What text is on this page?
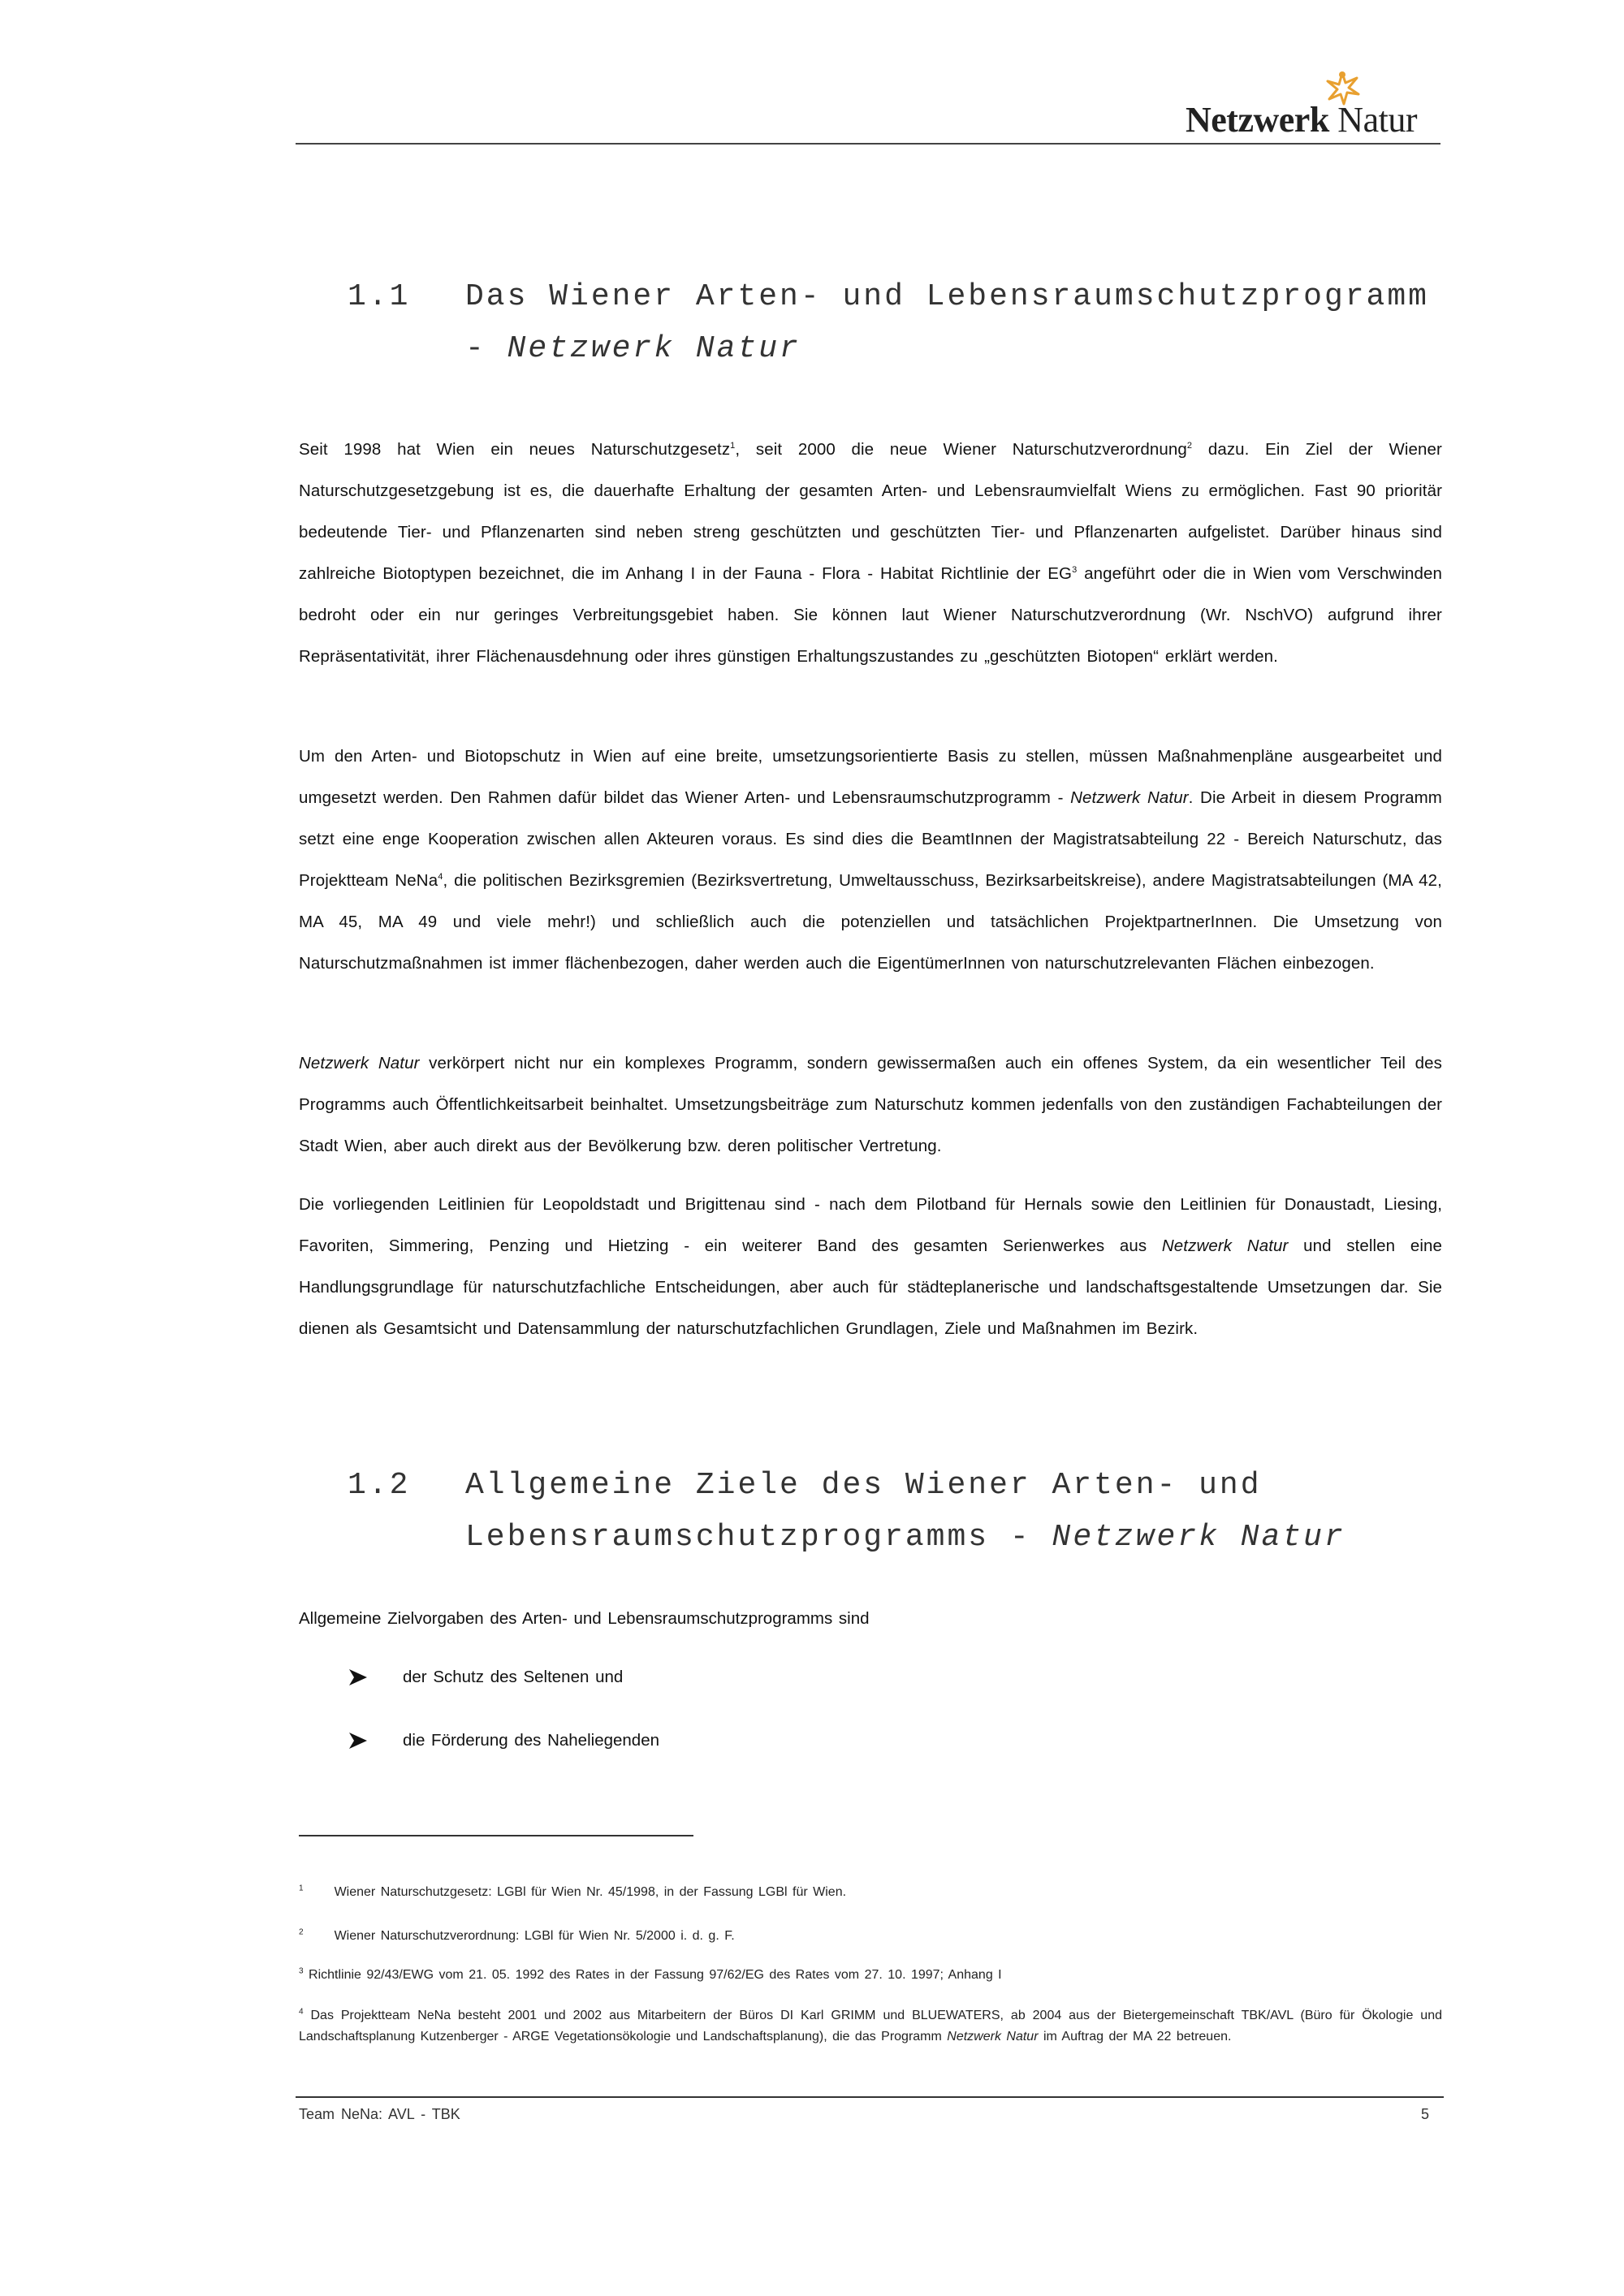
Netzwerk Natur
1.1 Das Wiener Arten- und Lebensraumschutzprogramm
- Netzwerk Natur

Seit 1998 hat Wien ein neues Naturschutzgesetz$^1$, seit 2000 die neue Wiener Naturschutzverordnung$^2$ dazu. Ein Ziel der Wiener Naturschutzgesetzgebung ist es, die dauerhafte Erhaltung der gesamten Arten- und Lebensraumvielfalt Wiens zu ermöglichen. Fast 90 prioritär bedeutende Tier- und Pflanzenarten sind neben streng geschützten und geschützten Tier- und Pflanzenarten aufgelistet. Darüber hinaus sind zahlreiche Biotoptypen bezeichnet, die im Anhang I in der Fauna - Flora - Habitat Richtlinie der $EG^3$ angeführt oder die in Wien vom Verschwinden bedroht oder ein nur geringes Verbreitungsgebiet haben. Sie können laut Wiener Naturschutzverordnung (Wr. NschVO) aufgrund ihrer Repräsentativität, ihrer Flächenausdehnung oder ihres günstigen Erhaltungszustandes zu „geschützten Biotopen“ erklärt werden.

Um den Arten- und Biotopschutz in Wien auf eine breite, umsetzungsorientierte Basis zu stellen, müssen Maßnahmenpläne ausgearbeitet und umgesetzt werden. Den Rahmen dafür bildet das Wiener Arten- und Lebensraumschutzprogramm - Netzwerk Natur. Die Arbeit in diesem Programm setzt eine enge Kooperation zwischen allen Akteuren voraus. Es sind dies die BeamtInnen der Magistratsabteilung 22 - Bereich Naturschutz, das Projektteam NeNa$^4$, die politischen Bezirksgremien (Bezirksvertretung, Umweltausschuss, Bezirksarbeitskreise), andere Magistratsabteilungen (MA 42, MA 45, MA 49 und viele mehr!) und schließlich auch die potenziellen und tatsächlichen ProjektpartnerInnen. Die Umsetzung von Naturschutzmaßnahmen ist immer flächenbezogen, daher werden auch die EigentümerInnen von naturschutzrelevanten Flächen einbezogen.

Netzwerk Natur verkörpert nicht nur ein komplexes Programm, sondern gewissermaßen auch ein offenes System, da ein wesentlicher Teil des Programms auch Öffentlichkeitsarbeit beinhaltet. Umsetzungsbeiträge zum Naturschutz kommen jedenfalls von den zuständigen Fachabteilungen der Stadt Wien, aber auch direkt aus der Bevölkerung bzw. deren politischer Vertretung.

Die vorliegenden Leitlinien für Leopoldstadt und Brigittenau sind - nach dem Pilotband für Hernals sowie den Leitlinien für Donaustadt, Liesing, Favoriten, Simmering, Penzing und Hietzing - ein weiterer Band des gesamten Serienwerkes aus Netzwerk Natur und stellen eine Handlungsgrundlage für naturschutzfachliche Entscheidungen, aber auch für städteplanerische und landschaftsgestaltende Umsetzungen dar. Sie dienen als Gesamtsicht und Datensammlung der naturschutzfachlichen Grundlagen, Ziele und Maßnahmen im Bezirk.

1.2 Allgemeine Ziele des Wiener Arten- und
Lebensraumschutzprogramms - Netzwerk Natur

Allgemeine Zielvorgaben des Arten- und Lebensraumschutzprogramms sind

der Schutz des Seltenen und
die Förderung des Naheliegenden

$^1$ Wiener Naturschutzgesetz: LGBl für Wien Nr. 45/1998, in der Fassung LGBl für Wien.

$^2$ Wiener Naturschutzverordnung: LGBl für Wien Nr. 5/2000 i. d. g. F.

$^3$ Richtlinie 92/43/EWG vom 21. 05. 1992 des Rates in der Fassung 97/62/EG des Rates vom 27. 10. 1997; Anhang I

$^4$ Das Projektteam NeNa besteht 2001 und 2002 aus Mitarbeitern der Büros DI Karl GRIMM und BLUEWATERS, ab 2004 aus der Bietergemeinschaft TBK/AVL (Büro für Ökologie und Landschaftsplanung Kutzenberger - ARGE Vegetationsökologie und Landschaftsplanung), die das Programm Netzwerk Natur im Auftrag der MA 22 betreuen.

Team NeNa: AVL - TBK	5
